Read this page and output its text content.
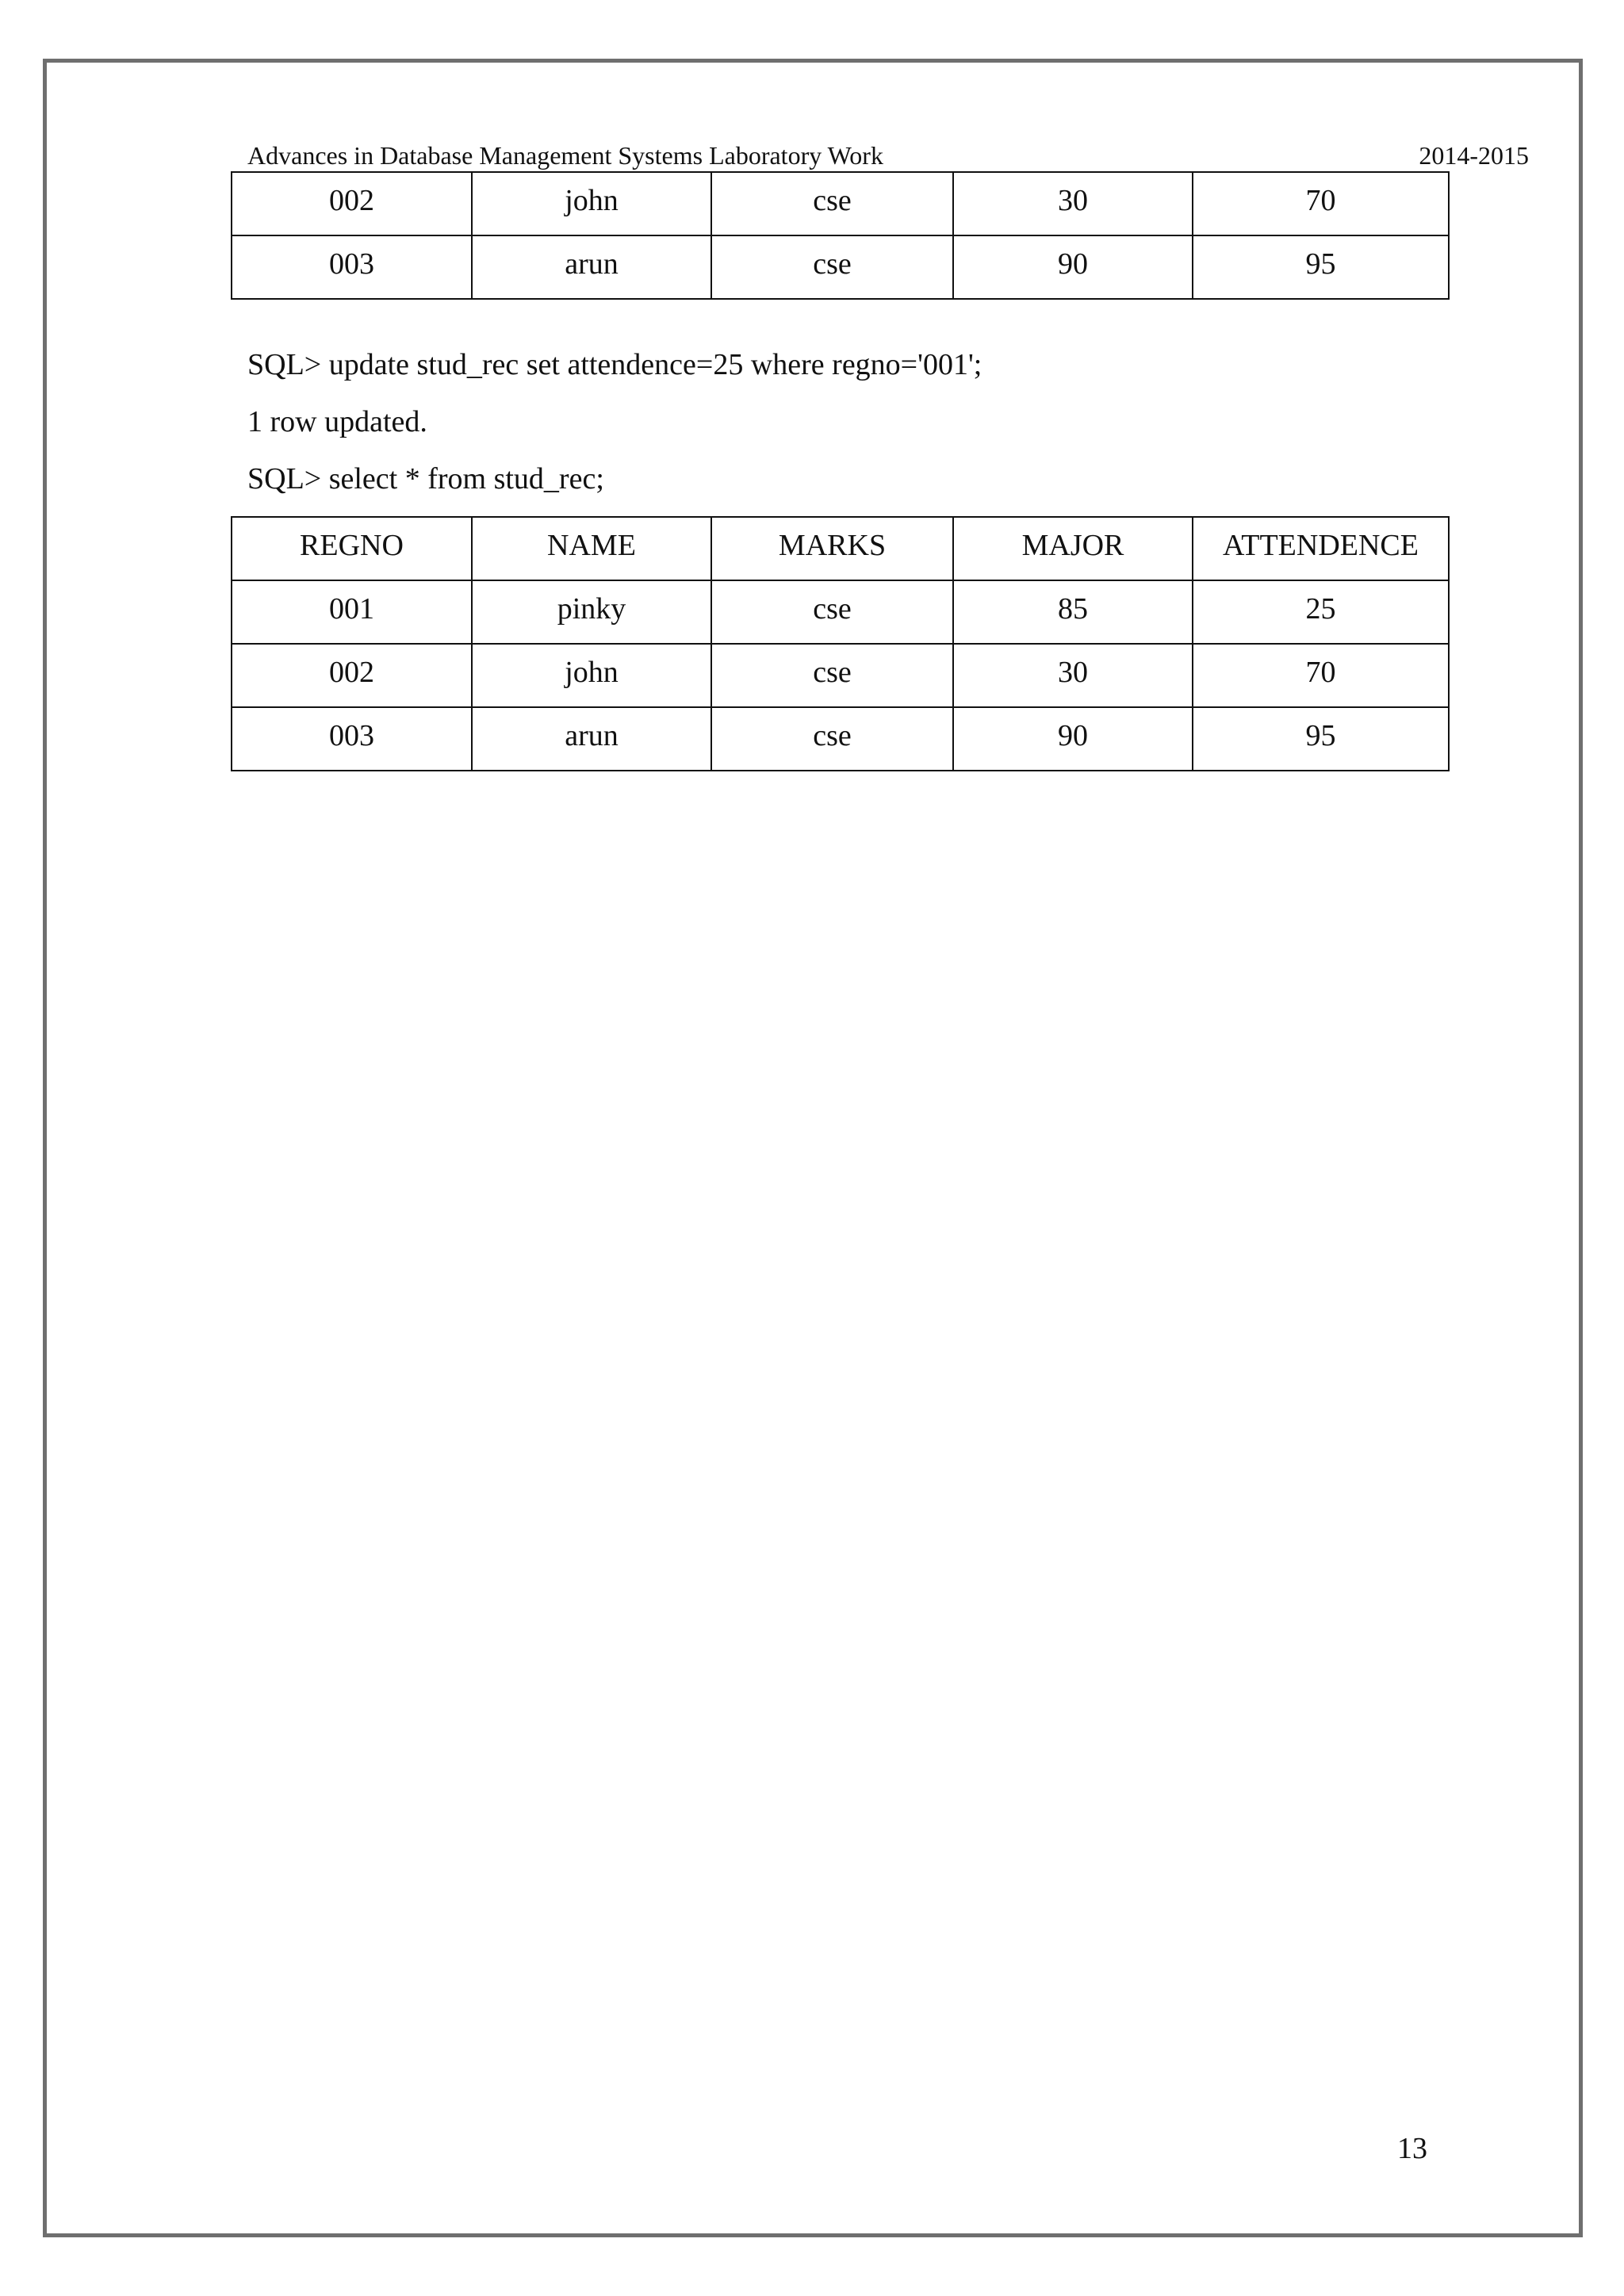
Advances in Database Management Systems Laboratory Work	2014-2015
002	john	cse	30	70
003	arun	cse	90	95
SQL> update stud_rec set attendence=25 where regno='001';
1 row updated.
SQL> select * from stud_rec;
REGNO	NAME	MARKS	MAJOR	ATTENDENCE
001	pinky	cse	85	25
002	john	cse	30	70
003	arun	cse	90	95
13
